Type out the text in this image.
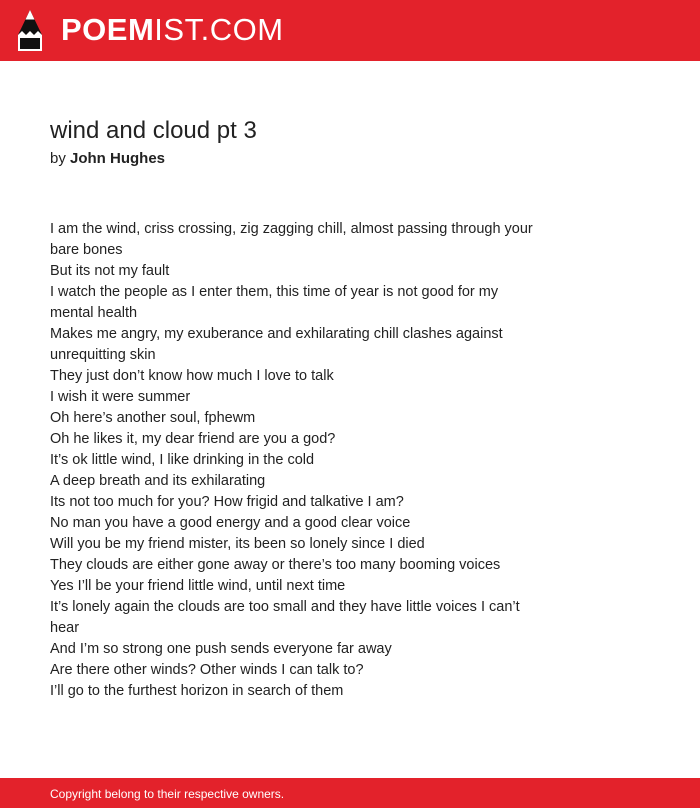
POEMIST.COM
wind and cloud pt 3
by John Hughes
I am the wind, criss crossing, zig zagging chill, almost passing through your bare bones
But its not my fault
I watch the people as I enter them, this time of year is not good for my mental health
Makes me angry, my exuberance and exhilarating chill clashes against unrequitting skin
They just don’t know how much I love to talk
I wish it were summer
Oh here’s another soul, fphewm
Oh he likes it, my dear friend are you a god?
It’s ok little wind, I like drinking in the cold
A deep breath and its exhilarating
Its not too much for you? How frigid and talkative I am?
No man you have a good energy and a good clear voice
Will you be my friend mister, its been so lonely since I died
They clouds are either gone away or there’s too many booming voices
Yes I’ll be your friend little wind, until next time
It’s lonely again the clouds are too small and they have little voices I can’t hear
And I’m so strong one push sends everyone far away
Are there other winds? Other winds I can talk to?
I’ll go to the furthest horizon in search of them
Copyright belong to their respective owners.
